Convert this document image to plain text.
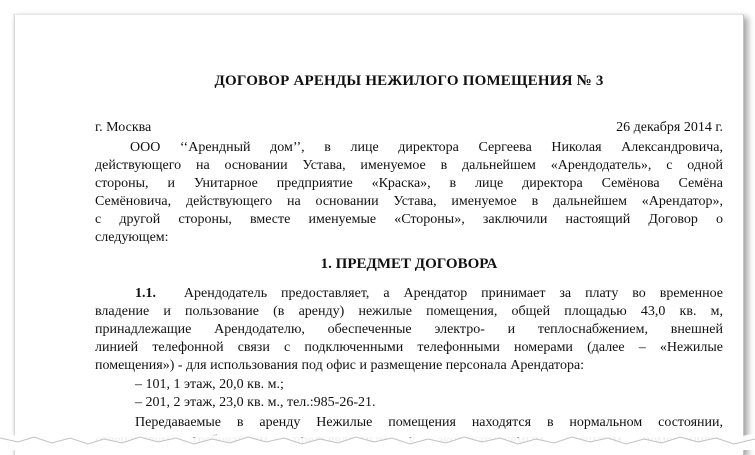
ДОГОВОР АРЕНДЫ НЕЖИЛОГО ПОМЕЩЕНИЯ № 3
г. Москва	26 декабря 2014 г.
ООО ‘‘Арендный дом’’, в лице директора Сергеева Николая Александровича,
действующего на основании Устава, именуемое в дальнейшем «Арендодатель», с одной
стороны, и Унитарное предприятие «Краска», в лице директора Семёнова Семёна
Семёновича, действующего на основании Устава, именуемое в дальнейшем «Арендатор»,
с другой стороны, вместе именуемые «Стороны», заключили настоящий Договор о
следующем:
1. ПРЕДМЕТ ДОГОВОРА
1.1. Арендодатель предоставляет, а Арендатор принимает за плату во временное
владение и пользование (в аренду) нежилые помещения, общей площадью 43,0 кв. м,
принадлежащие Арендодателю, обеспеченные электро- и теплоснабжением, внешней
линией телефонной связи с подключенными телефонными номерами (далее – «Нежилые
помещения») - для использования под офис и размещение персонала Арендатора:
– 101, 1 этаж, 20,0 кв. м.;
– 201, 2 этаж, 23,0 кв. м., тел.:985-26-21.
Передаваемые в аренду Нежилые помещения находятся в нормальном состоянии,
